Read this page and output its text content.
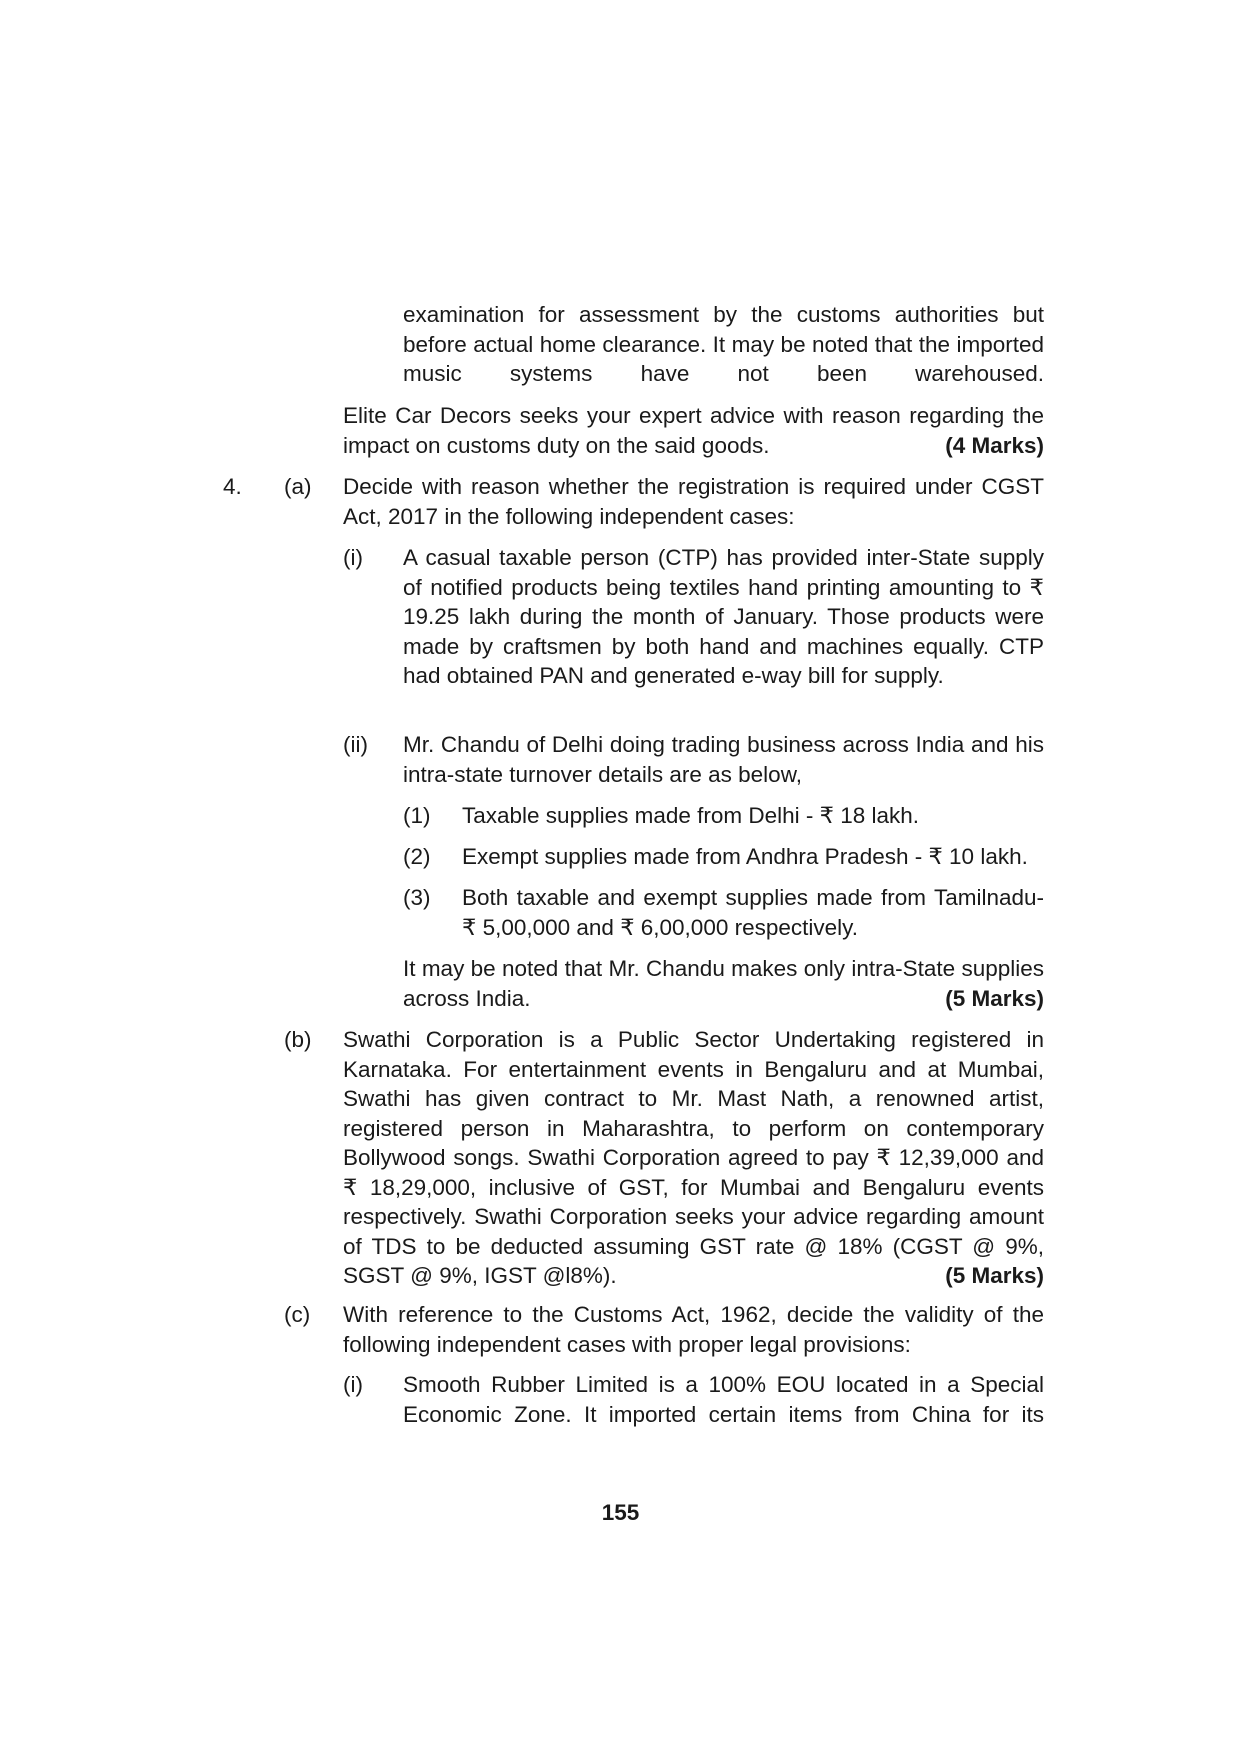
examination for assessment by the customs authorities but before actual home clearance. It may be noted that the imported music systems have not been warehoused.
Elite Car Decors seeks your expert advice with reason regarding the impact on customs duty on the said goods.	(4 Marks)
4. (a) Decide with reason whether the registration is required under CGST Act, 2017 in the following independent cases:
(i) A casual taxable person (CTP) has provided inter-State supply of notified products being textiles hand printing amounting to ₹ 19.25 lakh during the month of January. Those products were made by craftsmen by both hand and machines equally. CTP had obtained PAN and generated e-way bill for supply.
(ii) Mr. Chandu of Delhi doing trading business across India and his intra-state turnover details are as below,
(1) Taxable supplies made from Delhi - ₹ 18 lakh.
(2) Exempt supplies made from Andhra Pradesh - ₹ 10 lakh.
(3) Both taxable and exempt supplies made from Tamilnadu- ₹ 5,00,000 and ₹ 6,00,000 respectively.
It may be noted that Mr. Chandu makes only intra-State supplies across India.	(5 Marks)
(b) Swathi Corporation is a Public Sector Undertaking registered in Karnataka. For entertainment events in Bengaluru and at Mumbai, Swathi has given contract to Mr. Mast Nath, a renowned artist, registered person in Maharashtra, to perform on contemporary Bollywood songs. Swathi Corporation agreed to pay ₹ 12,39,000 and ₹ 18,29,000, inclusive of GST, for Mumbai and Bengaluru events respectively. Swathi Corporation seeks your advice regarding amount of TDS to be deducted assuming GST rate @ 18% (CGST @ 9%, SGST @ 9%, IGST @l8%).	(5 Marks)
(c) With reference to the Customs Act, 1962, decide the validity of the following independent cases with proper legal provisions:
(i) Smooth Rubber Limited is a 100% EOU located in a Special Economic Zone. It imported certain items from China for its
155
